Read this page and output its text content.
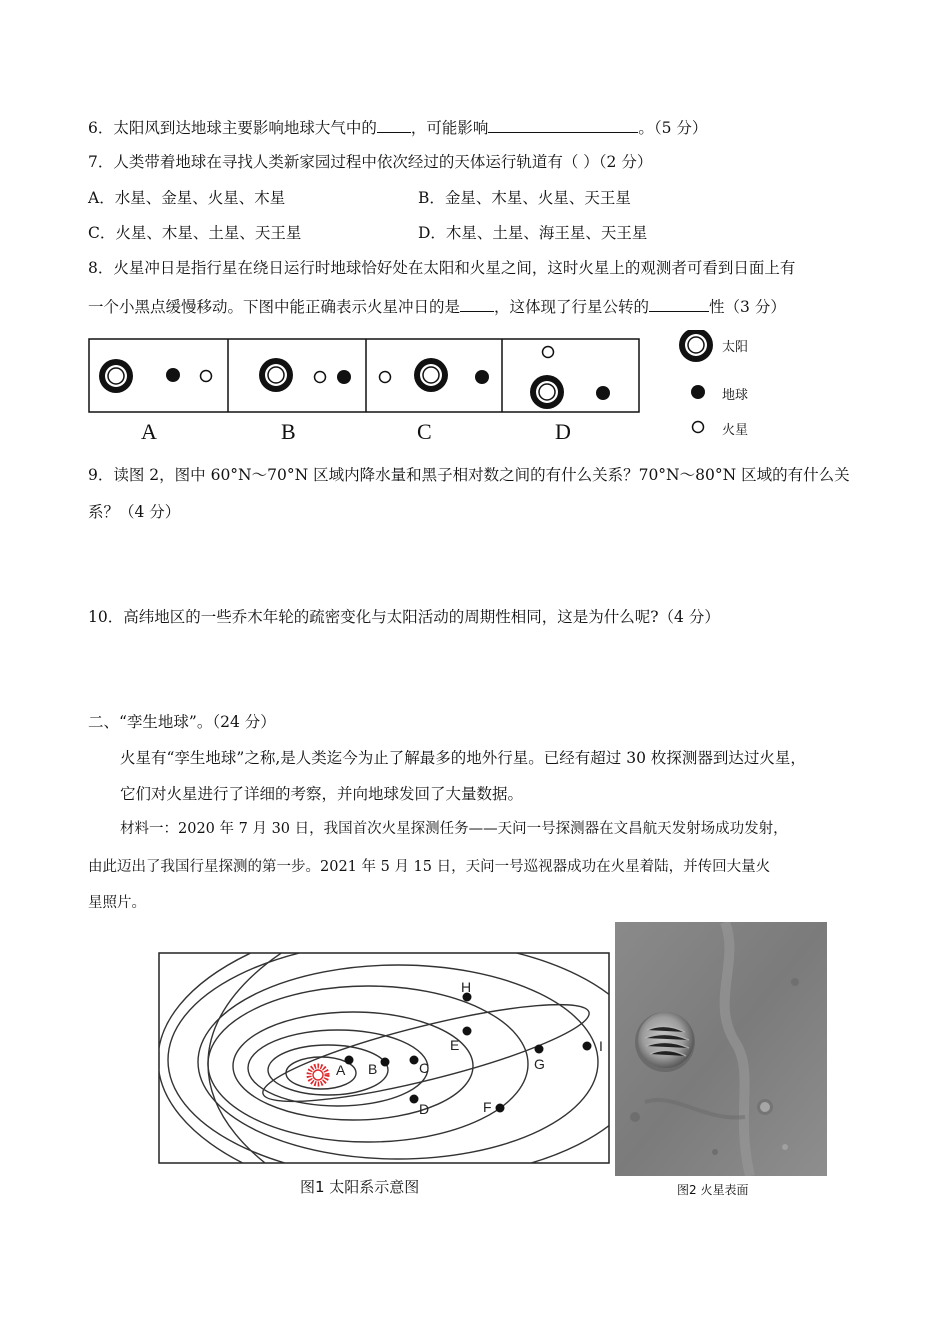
6．太阳风到达地球主要影响地球大气中的 ，可能影响	。（5 分）
7．人类带着地球在寻找人类新家园过程中依次经过的天体运行轨道有（ ）（2 分）
A．水星、金星、火星、木星	B．金星、木星、火星、天王星
C．火星、木星、土星、天王星	D．木星、土星、海王星、天王星
8．火星冲日是指行星在绕日运行时地球恰好处在太阳和火星之间，这时火星上的观测者可看到日面上有
一个小黑点缓慢移动。下图中能正确表示火星冲日的是 ，这体现了行星公转的	性（3 分）
A	B	C	D
太阳
地球
火星
9．读图 2，图中 60°N～70°N 区域内降水量和黑子相对数之间的有什么关系？70°N～80°N 区域的有什么关
系？（4 分）
10．高纬地区的一些乔木年轮的疏密变化与太阳活动的周期性相同，这是为什么呢?（4 分）
二、“孪生地球”。（24 分）
火星有“孪生地球”之称,是人类迄今为止了解最多的地外行星。已经有超过 30 枚探测器到达过火星，
它们对火星进行了详细的考察，并向地球发回了大量数据。
材料一：2020 年 7 月 30 日，我国首次火星探测任务——天问一号探测器在文昌航天发射场成功发射，
由此迈出了我国行星探测的第一步。2021 年 5 月 15 日，天问一号巡视器成功在火星着陆，并传回大量火
星照片。
A B	C
D
E
F
G
H
I
图1 太阳系示意图	图2 火星表面
